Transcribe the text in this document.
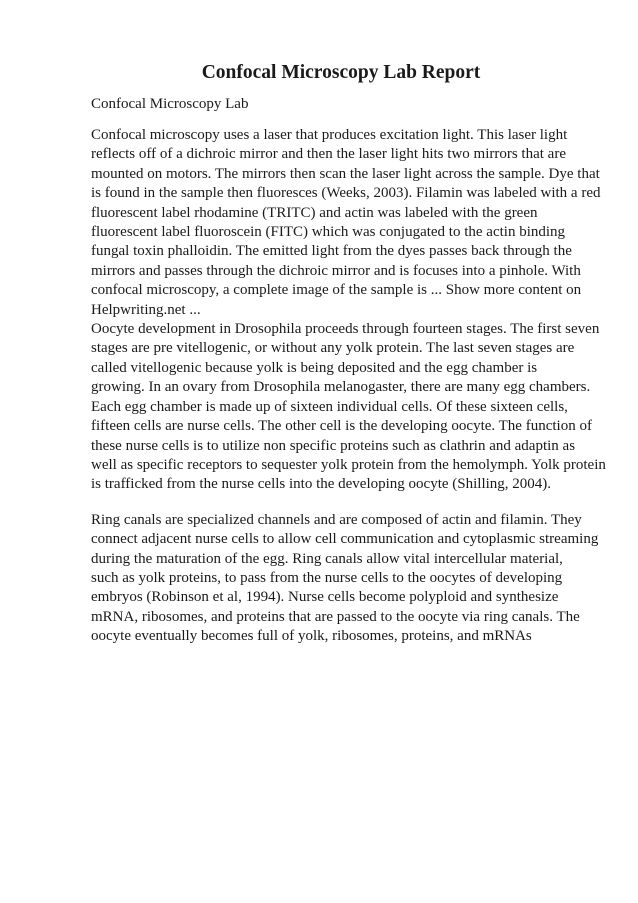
Confocal Microscopy Lab Report
Confocal Microscopy Lab

Confocal microscopy uses a laser that produces excitation light. This laser light
reflects off of a dichroic mirror and then the laser light hits two mirrors that are
mounted on motors. The mirrors then scan the laser light across the sample. Dye that
is found in the sample then fluoresces (Weeks, 2003). Filamin was labeled with a red
fluorescent label rhodamine (TRITC) and actin was labeled with the green
fluorescent label fluoroscein (FITC) which was conjugated to the actin binding
fungal toxin phalloidin. The emitted light from the dyes passes back through the
mirrors and passes through the dichroic mirror and is focuses into a pinhole. With
confocal microscopy, a complete image of the sample is ... Show more content on
Helpwriting.net ...

Oocyte development in Drosophila proceeds through fourteen stages. The first seven
stages are pre vitellogenic, or without any yolk protein. The last seven stages are
called vitellogenic because yolk is being deposited and the egg chamber is
growing. In an ovary from Drosophila melanogaster, there are many egg chambers.
Each egg chamber is made up of sixteen individual cells. Of these sixteen cells,
fifteen cells are nurse cells. The other cell is the developing oocyte. The function of
these nurse cells is to utilize non specific proteins such as clathrin and adaptin as
well as specific receptors to sequester yolk protein from the hemolymph. Yolk protein
is trafficked from the nurse cells into the developing oocyte (Shilling, 2004).

Ring canals are specialized channels and are composed of actin and filamin. They
connect adjacent nurse cells to allow cell communication and cytoplasmic streaming
during the maturation of the egg. Ring canals allow vital intercellular material,
such as yolk proteins, to pass from the nurse cells to the oocytes of developing
embryos (Robinson et al, 1994). Nurse cells become polyploid and synthesize
mRNA, ribosomes, and proteins that are passed to the oocyte via ring canals. The
oocyte eventually becomes full of yolk, ribosomes, proteins, and mRNAs
